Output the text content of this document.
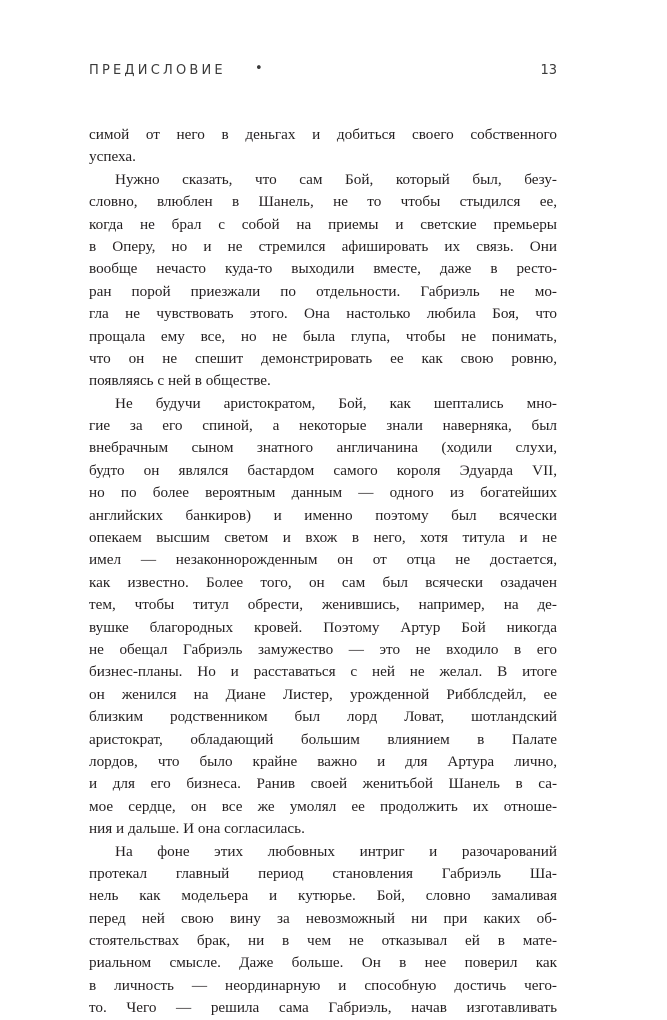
ПРЕДИСЛОВИЕ •	13
симой от него в деньгах и добиться своего собственного
успеха.
Нужно сказать, что сам Бой, который был, безу-
словно, влюблен в Шанель, не то чтобы стыдился ее,
когда не брал с собой на приемы и светские премьеры
в Оперу, но и не стремился афишировать их связь. Они
вообще нечасто куда-то выходили вместе, даже в ресто-
ран порой приезжали по отдельности. Габриэль не мо-
гла не чувствовать этого. Она настолько любила Боя, что
прощала ему все, но не была глупа, чтобы не понимать,
что он не спешит демонстрировать ее как свою ровню,
появляясь с ней в обществе.
Не будучи аристократом, Бой, как шептались мно-
гие за его спиной, а некоторые знали наверняка, был
внебрачным сыном знатного англичанина (ходили слухи,
будто он являлся бастардом самого короля Эдуарда VII,
но по более вероятным данным — одного из богатейших
английских банкиров) и именно поэтому был всячески
опекаем высшим светом и вхож в него, хотя титула и не
имел — незаконнорожденным он от отца не достается,
как известно. Более того, он сам был всячески озадачен
тем, чтобы титул обрести, женившись, например, на де-
вушке благородных кровей. Поэтому Артур Бой никогда
не обещал Габриэль замужество — это не входило в его
бизнес-планы. Но и расставаться с ней не желал. В итоге
он женился на Диане Листер, урожденной Рибблсдейл, ее
близким родственником был лорд Ловат, шотландский
аристократ, обладающий большим влиянием в Палате
лордов, что было крайне важно и для Артура лично,
и для его бизнеса. Ранив своей женитьбой Шанель в са-
мое сердце, он все же умолял ее продолжить их отноше-
ния и дальше. И она согласилась.
На фоне этих любовных интриг и разочарований
протекал главный период становления Габриэль Ша-
нель как модельера и кутюрье. Бой, словно замаливая
перед ней свою вину за невозможный ни при каких об-
стоятельствах брак, ни в чем не отказывал ей в мате-
риальном смысле. Даже больше. Он в нее поверил как
в личность — неординарную и способную достичь чего-
то. Чего — решила сама Габриэль, начав изготавливать
